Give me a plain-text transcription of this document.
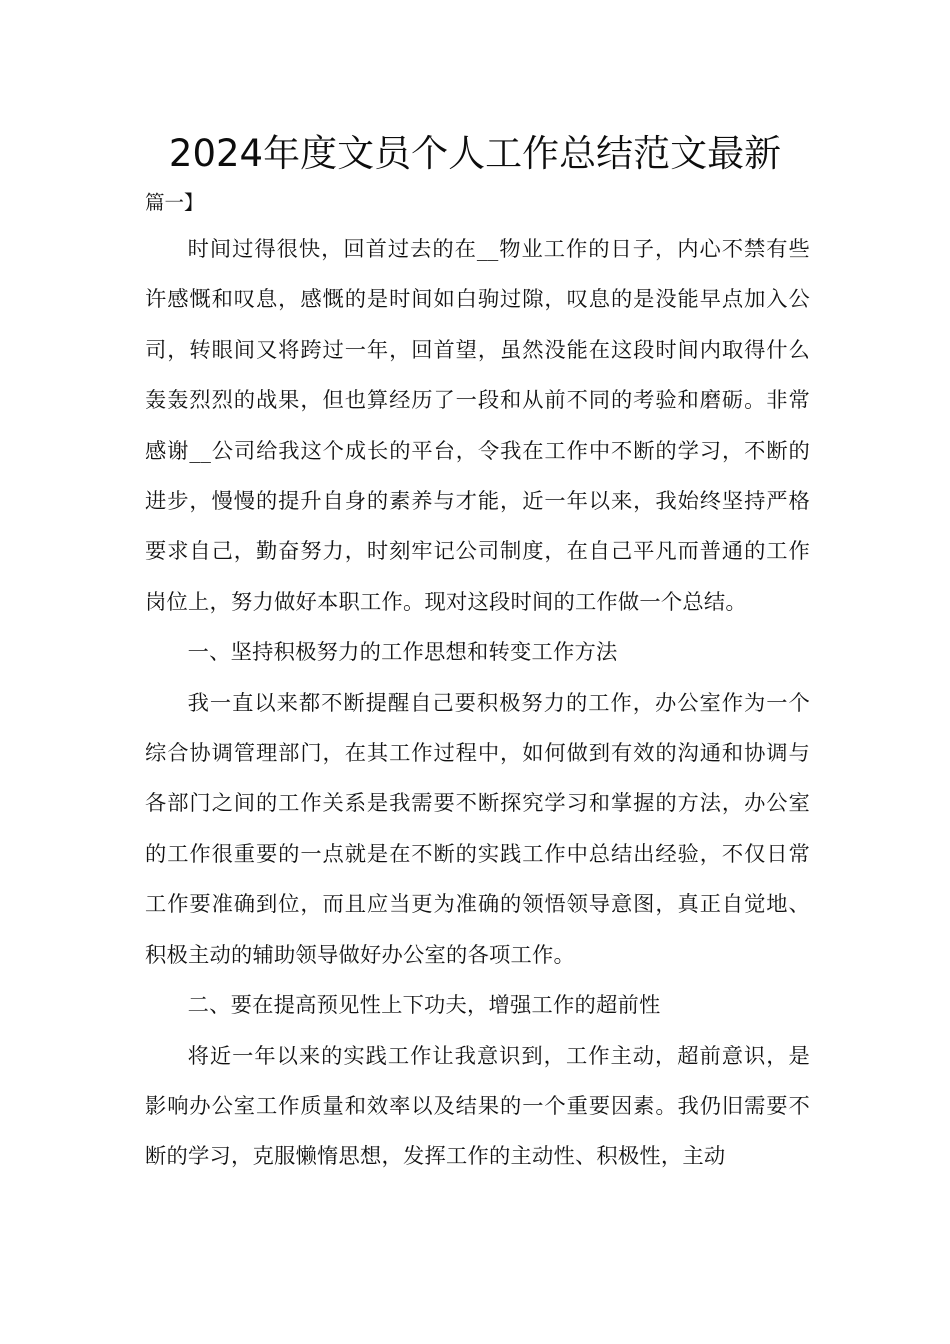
2024年度文员个人工作总结范文最新
篇一】

时间过得很快，回首过去的在__物业工作的日子，内心不禁有些许感慨和叹息，感慨的是时间如白驹过隙，叹息的是没能早点加入公司，转眼间又将跨过一年，回首望，虽然没能在这段时间内取得什么轰轰烈烈的战果，但也算经历了一段和从前不同的考验和磨砺。非常感谢__公司给我这个成长的平台，令我在工作中不断的学习，不断的进步，慢慢的提升自身的素养与才能，近一年以来，我始终坚持严格要求自己，勤奋努力，时刻牢记公司制度，在自己平凡而普通的工作岗位上，努力做好本职工作。现对这段时间的工作做一个总结。

一、坚持积极努力的工作思想和转变工作方法

我一直以来都不断提醒自己要积极努力的工作，办公室作为一个综合协调管理部门，在其工作过程中，如何做到有效的沟通和协调与各部门之间的工作关系是我需要不断探究学习和掌握的方法，办公室的工作很重要的一点就是在不断的实践工作中总结出经验，不仅日常工作要准确到位，而且应当更为准确的领悟领导意图，真正自觉地、积极主动的辅助领导做好办公室的各项工作。

二、要在提高预见性上下功夫，增强工作的超前性

将近一年以来的实践工作让我意识到，工作主动，超前意识，是影响办公室工作质量和效率以及结果的一个重要因素。我仍旧需要不断的学习，克服懒惰思想，发挥工作的主动性、积极性，主动
